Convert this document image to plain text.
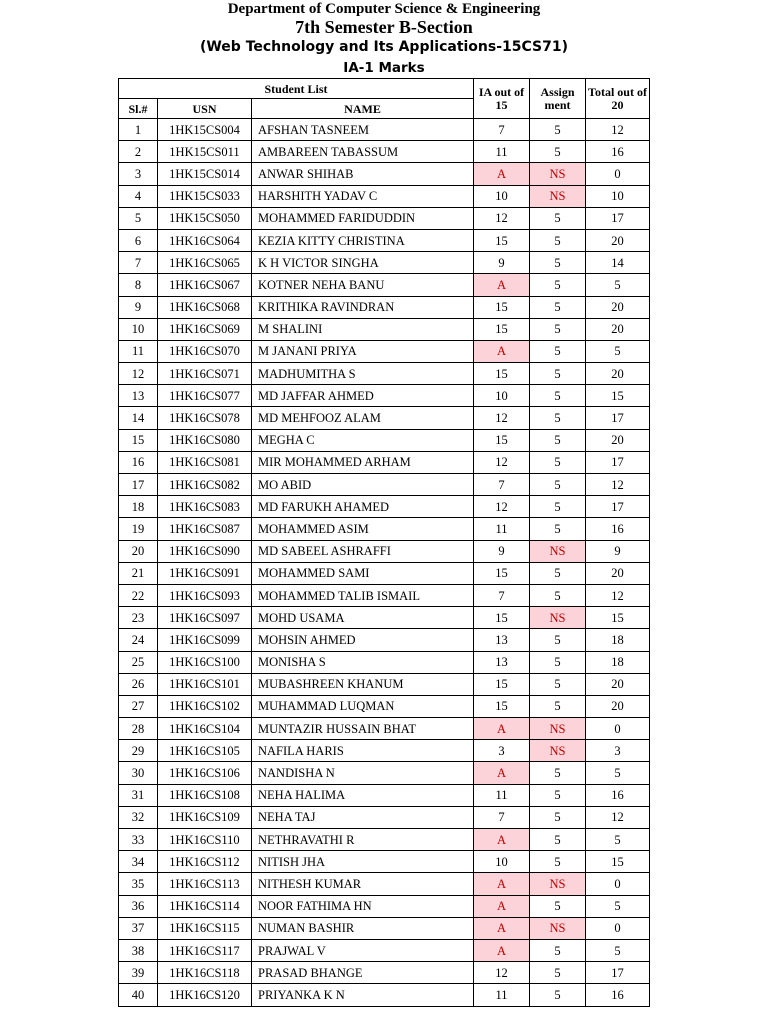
Department of Computer Science & Engineering
7th Semester B-Section
(Web Technology and Its Applications-15CS71)
IA-1 Marks
Student List			IA out of 15	Assign ment	Total out of 20
Sl.#	USN	NAME			
1	1HK15CS004	AFSHAN TASNEEM	7	5	12
2	1HK15CS011	AMBAREEN TABASSUM	11	5	16
3	1HK15CS014	ANWAR SHIHAB	A	NS	0
4	1HK15CS033	HARSHITH YADAV C	10	NS	10
5	1HK15CS050	MOHAMMED FARIDUDDIN	12	5	17
6	1HK16CS064	KEZIA KITTY CHRISTINA	15	5	20
7	1HK16CS065	K H VICTOR SINGHA	9	5	14
8	1HK16CS067	KOTNER NEHA BANU	A	5	5
9	1HK16CS068	KRITHIKA RAVINDRAN	15	5	20
10	1HK16CS069	M SHALINI	15	5	20
11	1HK16CS070	M JANANI PRIYA	A	5	5
12	1HK16CS071	MADHUMITHA S	15	5	20
13	1HK16CS077	MD JAFFAR AHMED	10	5	15
14	1HK16CS078	MD MEHFOOZ ALAM	12	5	17
15	1HK16CS080	MEGHA C	15	5	20
16	1HK16CS081	MIR MOHAMMED ARHAM	12	5	17
17	1HK16CS082	MO ABID	7	5	12
18	1HK16CS083	MD FARUKH AHAMED	12	5	17
19	1HK16CS087	MOHAMMED ASIM	11	5	16
20	1HK16CS090	MD SABEEL ASHRAFFI	9	NS	9
21	1HK16CS091	MOHAMMED SAMI	15	5	20
22	1HK16CS093	MOHAMMED TALIB ISMAIL	7	5	12
23	1HK16CS097	MOHD USAMA	15	NS	15
24	1HK16CS099	MOHSIN AHMED	13	5	18
25	1HK16CS100	MONISHA S	13	5	18
26	1HK16CS101	MUBASHREEN KHANUM	15	5	20
27	1HK16CS102	MUHAMMAD LUQMAN	15	5	20
28	1HK16CS104	MUNTAZIR HUSSAIN BHAT	A	NS	0
29	1HK16CS105	NAFILA HARIS	3	NS	3
30	1HK16CS106	NANDISHA N	A	5	5
31	1HK16CS108	NEHA HALIMA	11	5	16
32	1HK16CS109	NEHA TAJ	7	5	12
33	1HK16CS110	NETHRAVATHI R	A	5	5
34	1HK16CS112	NITISH JHA	10	5	15
35	1HK16CS113	NITHESH KUMAR	A	NS	0
36	1HK16CS114	NOOR FATHIMA HN	A	5	5
37	1HK16CS115	NUMAN BASHIR	A	NS	0
38	1HK16CS117	PRAJWAL V	A	5	5
39	1HK16CS118	PRASAD BHANGE	12	5	17
40	1HK16CS120	PRIYANKA K N	11	5	16
